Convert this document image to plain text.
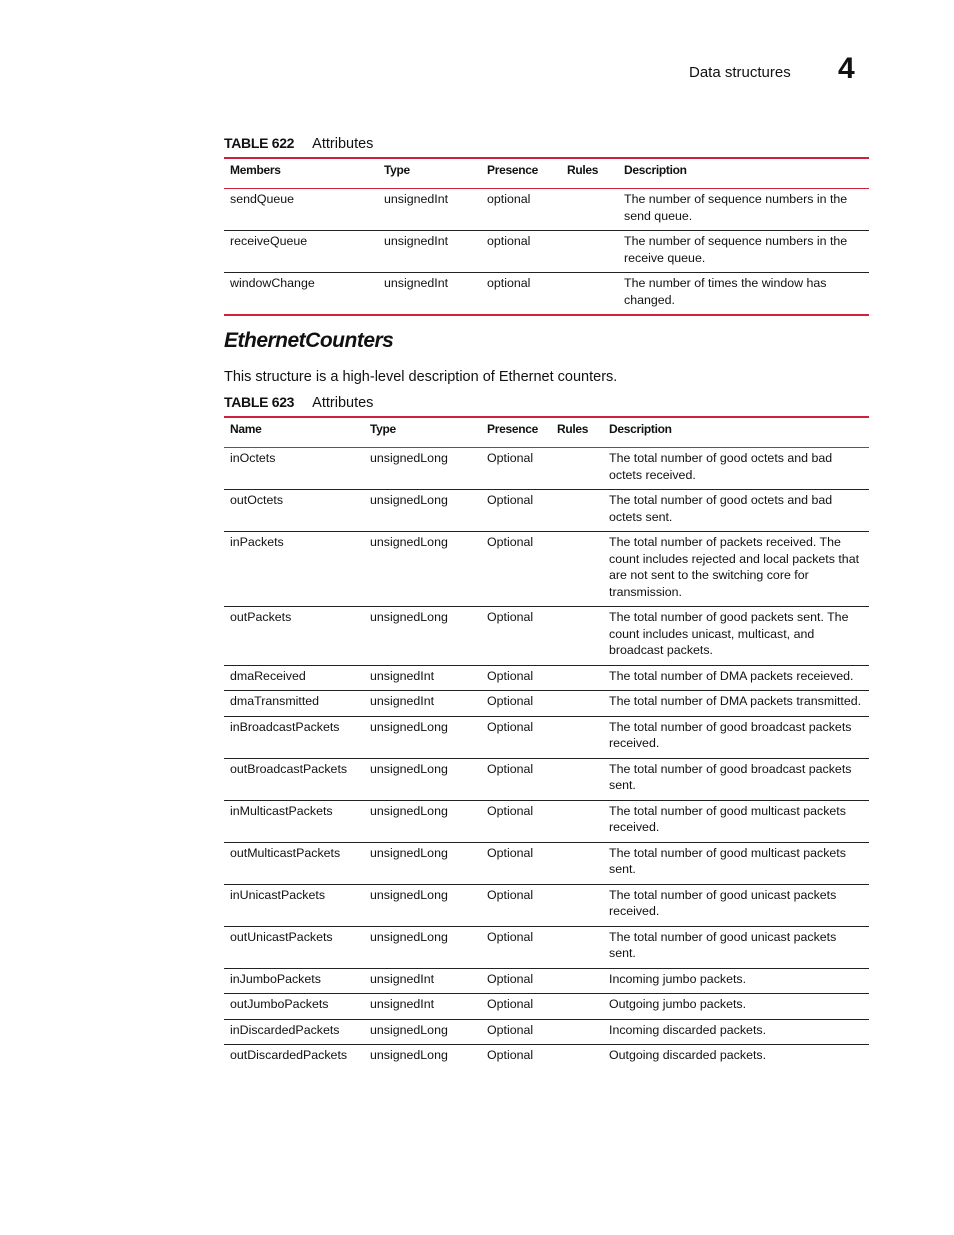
Data structures 4
TABLE 622 Attributes
Members	Type	Presence	Rules	Description
sendQueue	unsignedInt	optional		The number of sequence numbers in the send queue.
receiveQueue	unsignedInt	optional		The number of sequence numbers in the receive queue.
windowChange	unsignedInt	optional		The number of times the window has changed.
EthernetCounters
This structure is a high-level description of Ethernet counters.
TABLE 623 Attributes
Name	Type	Presence	Rules	Description
inOctets	unsignedLong	Optional		The total number of good octets and bad octets received.
outOctets	unsignedLong	Optional		The total number of good octets and bad octets sent.
inPackets	unsignedLong	Optional		The total number of packets received. The count includes rejected and local packets that are not sent to the switching core for transmission.
outPackets	unsignedLong	Optional		The total number of good packets sent. The count includes unicast, multicast, and broadcast packets.
dmaReceived	unsignedInt	Optional		The total number of DMA packets receieved.
dmaTransmitted	unsignedInt	Optional		The total number of DMA packets transmitted.
inBroadcastPackets	unsignedLong	Optional		The total number of good broadcast packets received.
outBroadcastPackets	unsignedLong	Optional		The total number of good broadcast packets sent.
inMulticastPackets	unsignedLong	Optional		The total number of good multicast packets received.
outMulticastPackets	unsignedLong	Optional		The total number of good multicast packets sent.
inUnicastPackets	unsignedLong	Optional		The total number of good unicast packets received.
outUnicastPackets	unsignedLong	Optional		The total number of good unicast packets sent.
inJumboPackets	unsignedInt	Optional		Incoming jumbo packets.
outJumboPackets	unsignedInt	Optional		Outgoing jumbo packets.
inDiscardedPackets	unsignedLong	Optional		Incoming discarded packets.
outDiscardedPackets	unsignedLong	Optional		Outgoing discarded packets.
